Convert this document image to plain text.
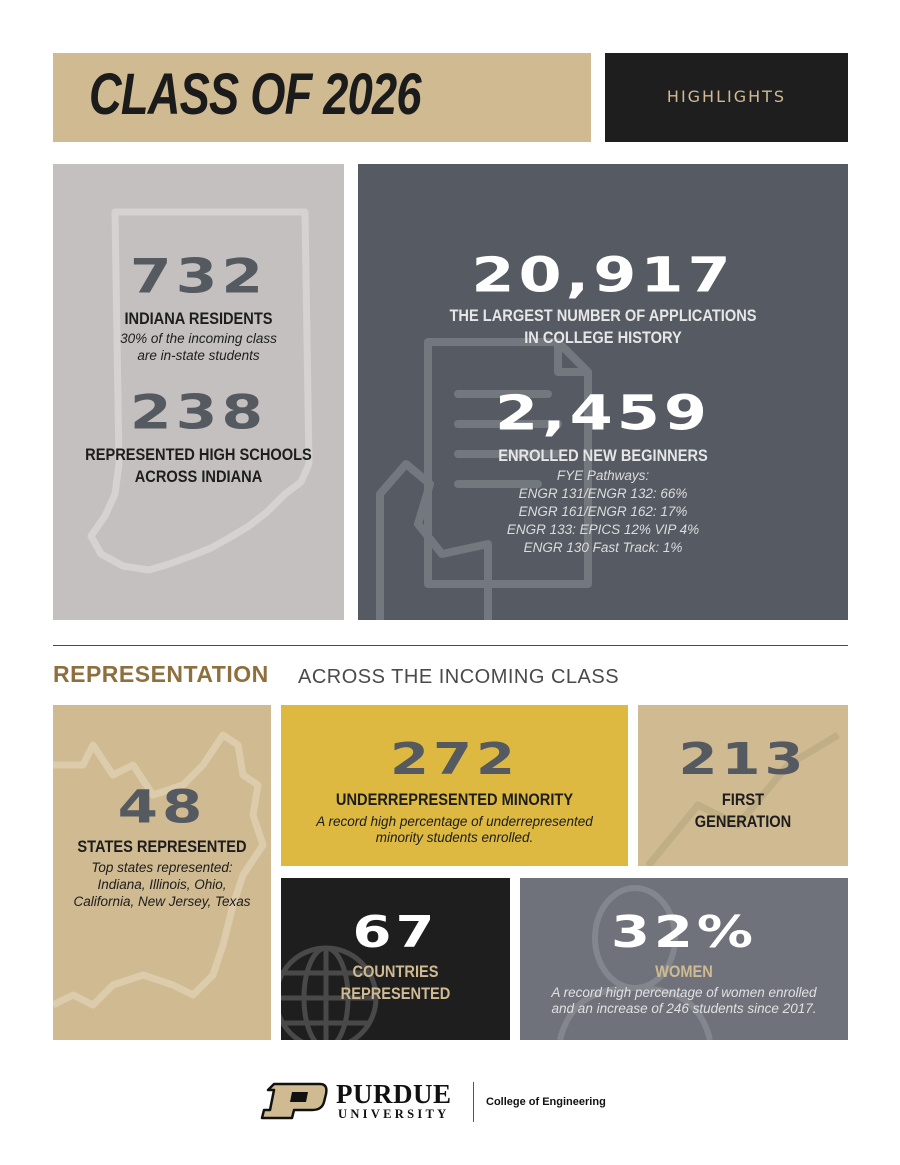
CLASS OF 2026	HIGHLIGHTS
732
INDIANA RESIDENTS
30% of the incoming class
are in-state students
238
REPRESENTED HIGH SCHOOLS
ACROSS INDIANA
20,917
THE LARGEST NUMBER OF APPLICATIONS
IN COLLEGE HISTORY
2,459
ENROLLED NEW BEGINNERS
FYE Pathways:
ENGR 131/ENGR 132: 66%
ENGR 161/ENGR 162: 17%
ENGR 133: EPICS 12% VIP 4%
ENGR 130 Fast Track: 1%
REPRESENTATION ACROSS THE INCOMING CLASS
48
STATES REPRESENTED
Top states represented:
Indiana, Illinois, Ohio,
California, New Jersey, Texas
272
UNDERREPRESENTED MINORITY
A record high percentage of underrepresented
minority students enrolled.
213
FIRST
GENERATION
67
COUNTRIES
REPRESENTED
32%
WOMEN
A record high percentage of women enrolled
and an increase of 246 students since 2017.
PURDUE
UNIVERSITY
College of Engineering
